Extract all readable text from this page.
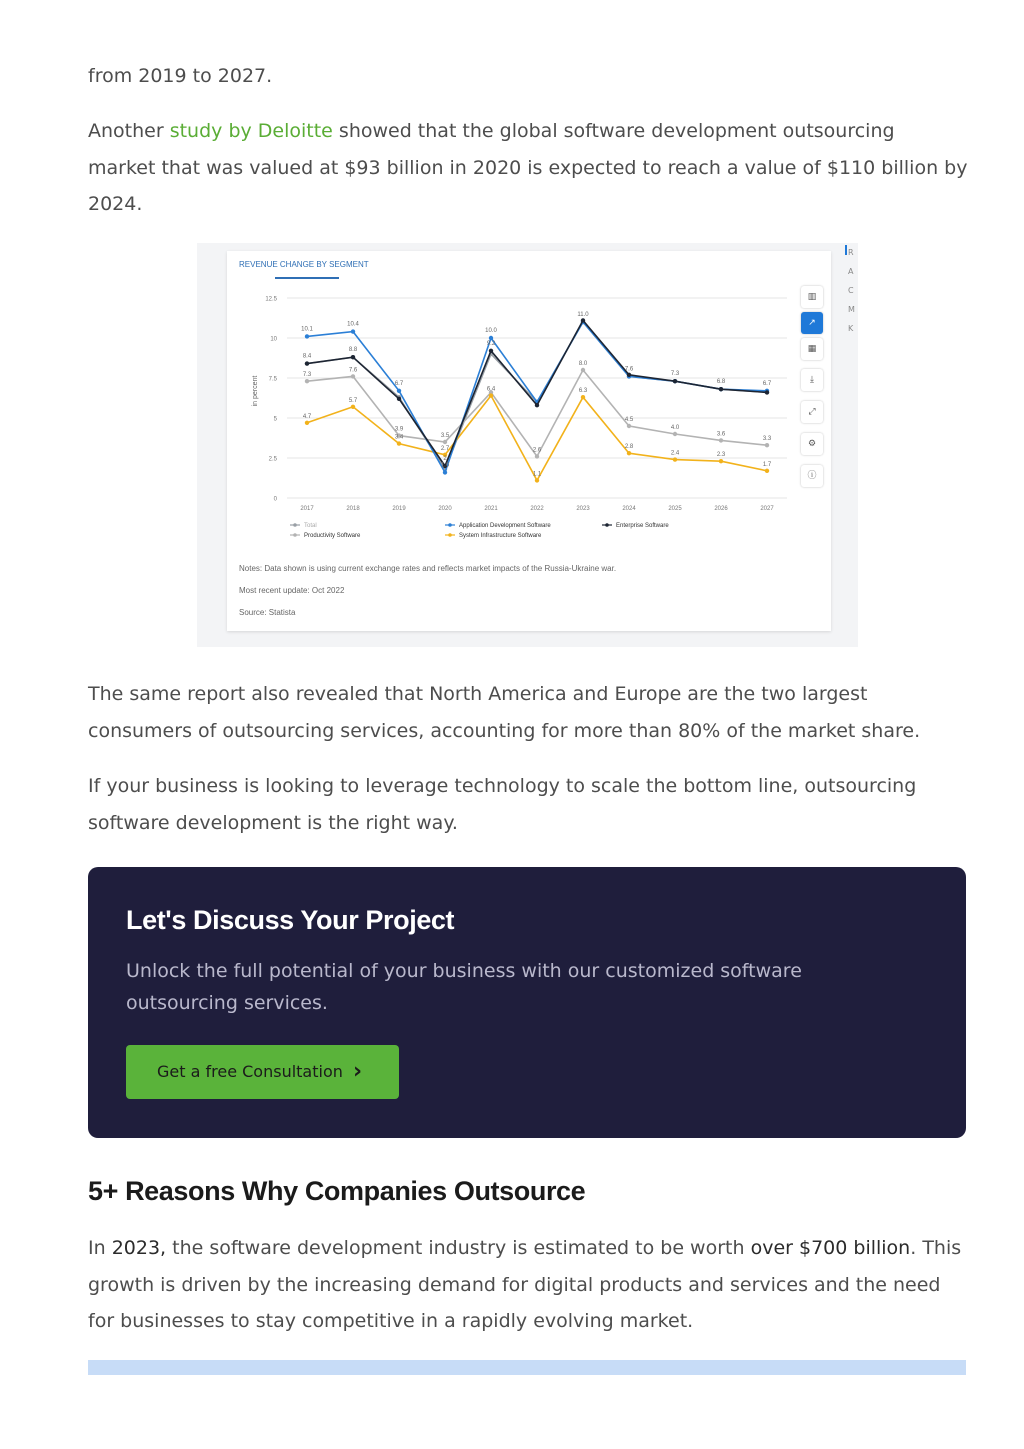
from 2019 to 2027.

Another study by Deloitte showed that the global software development outsourcing market that was valued at $93 billion in 2020 is expected to reach a value of $110 billion by 2024.

R
A
C
M
K
REVENUE CHANGE BY SEGMENT
in percent
0
2.5
5
7.5
10
12.5
2017	2018	2019	2020	2021	2022	2023	2024	2025	2026	2027
7.3
7.6
3.9
3.5
2.6
8.0
4.5
4.0
3.6
3.3
4.7
5.7
3.4
2.7
6.4
1.1
6.3
2.8
2.4	2.3
1.7
10.1
10.4
6.7
1.6
10.0
11.0
7.6
7.3
6.8	6.7
8.4
8.8
2
9.2
Total
Productivity Software
Application Development Software
System Infrastructure Software
Enterprise Software
Notes: Data shown is using current exchange rates and reflects market impacts of the Russia-Ukraine war.
Most recent update: Oct 2022
Source: Statista
▥
↗
▦
⤓
⤢
⚙
ⓘ

The same report also revealed that North America and Europe are the two largest consumers of outsourcing services, accounting for more than 80% of the market share.

If your business is looking to leverage technology to scale the bottom line, outsourcing software development is the right way.

Let's Discuss Your Project

Unlock the full potential of your business with our customized software outsourcing services.

Get a free Consultation ›
5+ Reasons Why Companies Outsource

In 2023, the software development industry is estimated to be worth over $700 billion. This growth is driven by the increasing demand for digital products and services and the need for businesses to stay competitive in a rapidly evolving market.
